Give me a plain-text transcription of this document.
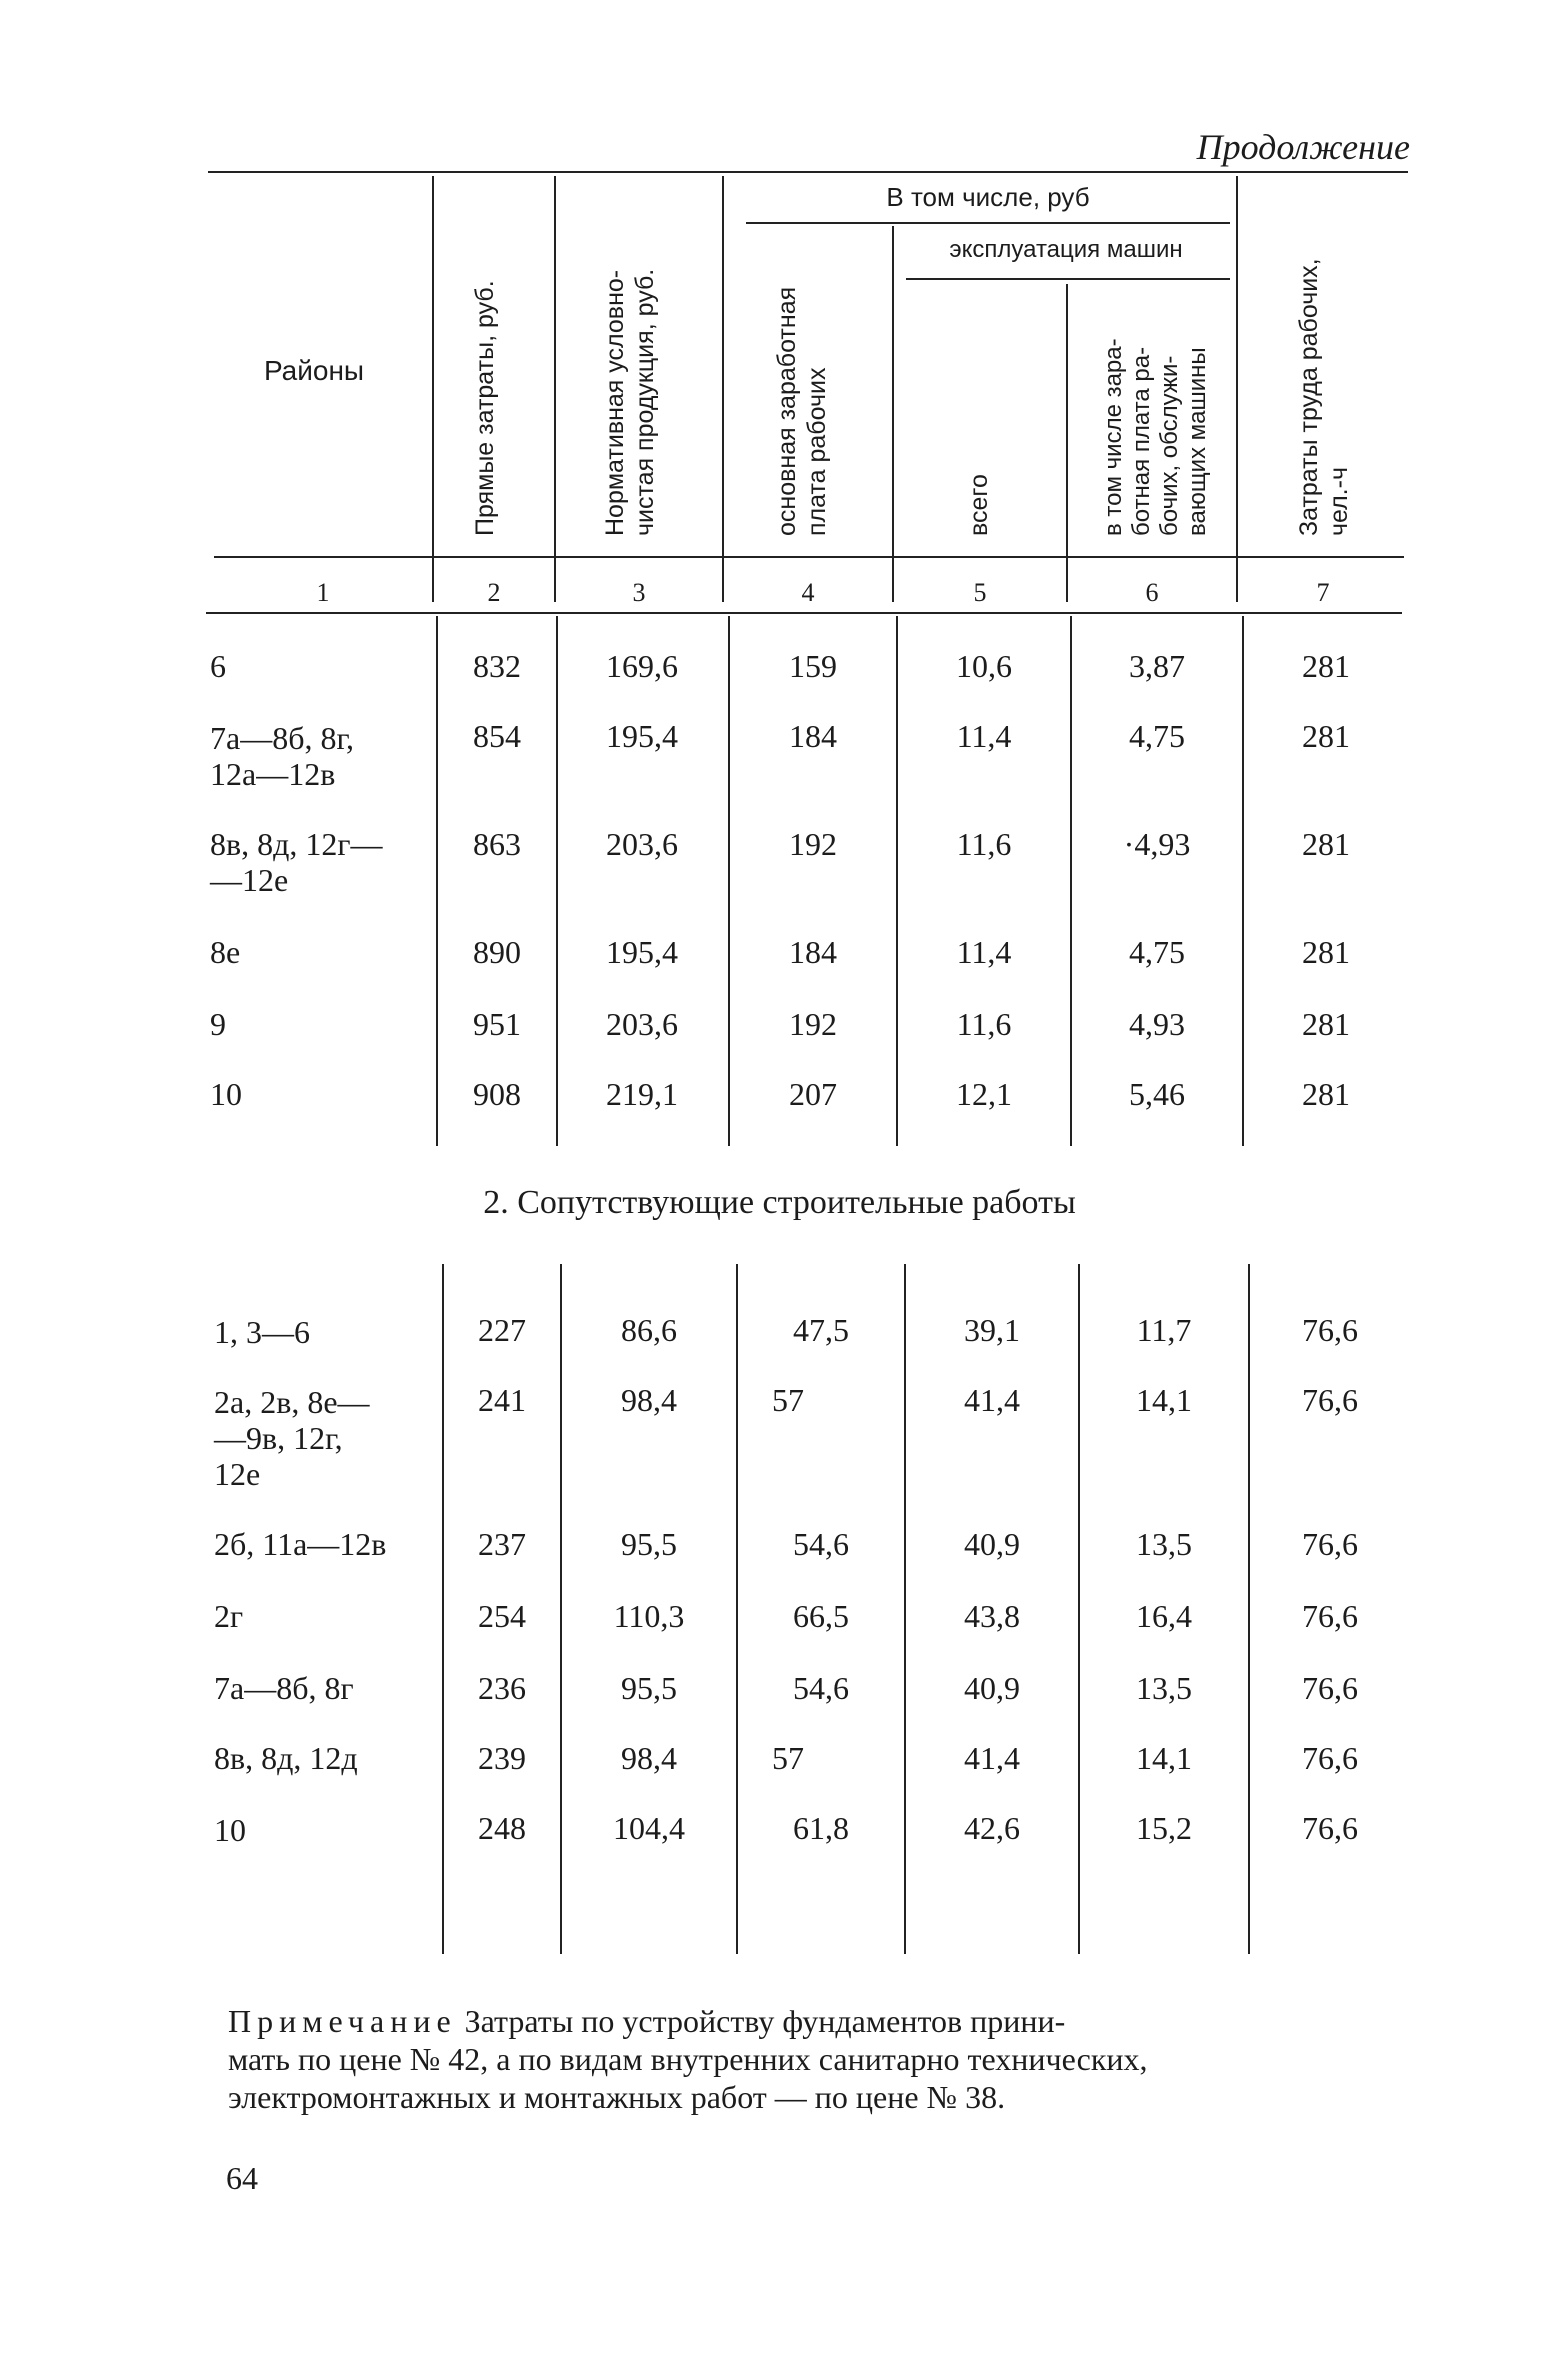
Продолжение
Районы
В том числе, руб
эксплуатация машин
Прямые затраты, руб.	Нормативная условно-
чистая продукция, руб.
основная заработная
плата рабочих
всего	в том числе зара-
ботная плата ра-
бочих, обслужи-
вающих машины
Затраты труда рабочих,
чел.-ч
1	2	3	4	5	6	7
6	832	169,6	159	10,6	3,87	281
7а—8б, 8г,
12а—12в
854	195,4	184	11,4	4,75	281
8в, 8д, 12г—
—12е
863	203,6	192	11,6	·4,93	281
8е	890	195,4	184	11,4	4,75	281
9	951	203,6	192	11,6	4,93	281
10	908	219,1	207	12,1	5,46	281
2. Сопутствующие строительные работы
1, 3—6	227	86,6	47,5	39,1	11,7	76,6
2а, 2в, 8е—
—9в, 12г,
12е
241	98,4	57	41,4	14,1	76,6
2б, 11а—12в	237	95,5	54,6	40,9	13,5	76,6
2г	254	110,3	66,5	43,8	16,4	76,6
7а—8б, 8г	236	95,5	54,6	40,9	13,5	76,6
8в, 8д, 12д	239	98,4	57	41,4	14,1	76,6
10	248	104,4	61,8	42,6	15,2	76,6
Примечание Затраты по устройству фундаментов прини-
мать по цене № 42, а по видам внутренних санитарно технических,
электромонтажных и монтажных работ — по цене № 38.
64
